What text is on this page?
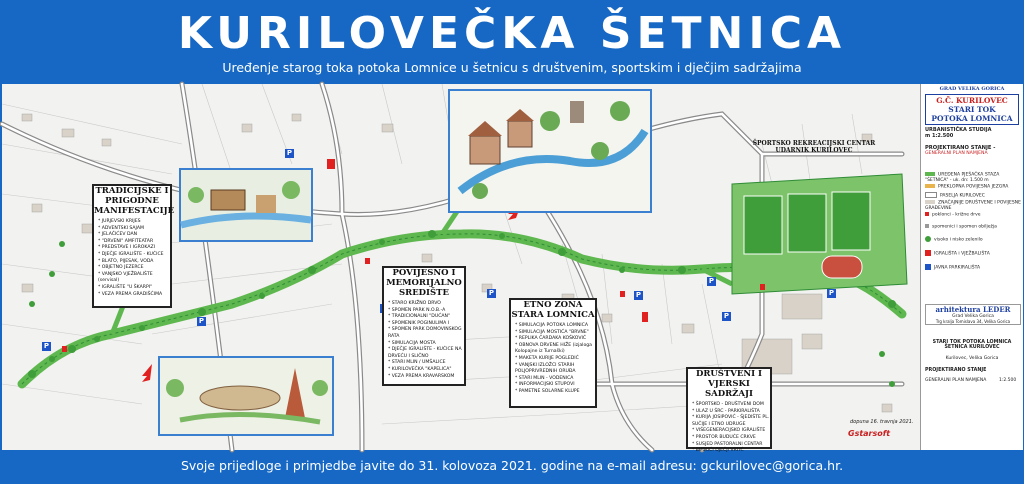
KURILOVEČKA ŠETNICA
Uređenje starog toka potoka Lomnice u šetnicu s društvenim, sportskim i dječjim sadržajima
P
P
P	P
P
P
P
P
TRADICIJSKE I PRIGODNE MANIFESTACIJE
* JURJEVSKI KRIJES
* ADVENTSKI SAJAM
* JELAČIĆEV DAN
* "DRVENI" AMFITEATAR
* PREDSTAVE I IGROKAZI
* DJEČJE IGRALIŠTE - KUĆICE
* BLATO, PIJESAK, VODA
* OBJETNO JEZERCE
* VANJSKO VJEŽBALIŠTE (servisal)
* IGRALIŠTE "U ŠKARPI"
* VEZA PREMA GRADIŠĆIMA
POVIJESNO I MEMORIJALNO SREDIŠTE
* STARO KRIŽNO DRVO
* SPOMEN PARK N.O.B.-A
* TRADICIONALNI "DUĆAN"
* SPOMENIK POGINULIMA I
* SPOMEN PARK DOMOVINSKOG RATA
* SIMULACIJA MOSTA
* DJEČJE IGRALIŠTE - KUĆICE NA DRVEĆU I SLIČNO
* STARI MLIN / UMŠALICE
* KURILOVEČKA "KAPELICA"
* VEZA PREMA KRAVARSKOM
ETNO ZONA STARA LOMNICA
* SIMULACIJA POTOKA LOMNICA
* SIMULACIJA MOSTIĆA "BRVNE"
* REPLIKA ČARDAKA KOŠKOVIĆ
* OBNOVA DRVENE HIŽE (izjaloga Kolopajne iz Turnaški)
* MAKETA KURIJE POGLEDIĆ
* VANJSKI IZLOŽCI STARIH POLJOPRIVREDNIH ORUĐA
* STARI MLIN - VODENICA
* INFORMACIJSKI STUPOVI
* PAMETNE SOLARNE KLUPE
DRUŠTVENI I VJERSKI SADRŽAJI
* ŠPORTSKO - DRUŠTVENI DOM
* ULAZ U ŠRC - PARKIRALIŠTA
* KURIJA JOSIPOVIĆ - ŠJEDIŠTE PL. SUČIJE I ETNO UDRUGE
* VIŠEGENERACIJSKO IGRALIŠTE
* PROSTOR BUDUĆE CRKVE
* SUSJED PASTORALNI CENTAR
* BUDUĆI DJEČJI VRTIĆ
ŠPORTSKO REKREACIJSKI CENTAR UDARNIK KURILOVEC
GRAD VELIKA GORICA
G.Č. KURILOVEC
STARI TOK
POTOKA LOMNICA
URBANISTIČKA STUDIJA
m 1:2.500
PROJEKTIRANO STANJE -
GENERALNI PLAN NAMJENA
UREĐENA PJEŠAČKA STAZA "ŠETNICA" - uk. dn: 1.500 m
PREKLOPNA POVIJESNA JEZGRA
PASELJA KURILOVEC
ZNAČAJNIJE DRUŠTVENE I POVIJESNE GRAĐEVINE
poklonci - križne drve
spomenici i spomen obilježja
visoko i nisko zelenilo
IGRALIŠTA i VJEŽBALIŠTA
JAVNA PARKIRALIŠTA
arhitektura LEDER
Grad Velika Gorica
Trg kralja Tomislava 34, Velika Gorica
STARI TOK POTOKA LOMNICA ŠETNICA KURILOVEC
Kurilovec, Velika Gorica
PROJEKTIRANO STANJE
GENERALNI PLAN NAMJENA	1:2.500
dopuna 16. travnja 2021.
Gstarsoft
Svoje prijedloge i primjedbe javite do 31. kolovoza 2021. godine na e-mail adresu: gckurilovec@gorica.hr.
